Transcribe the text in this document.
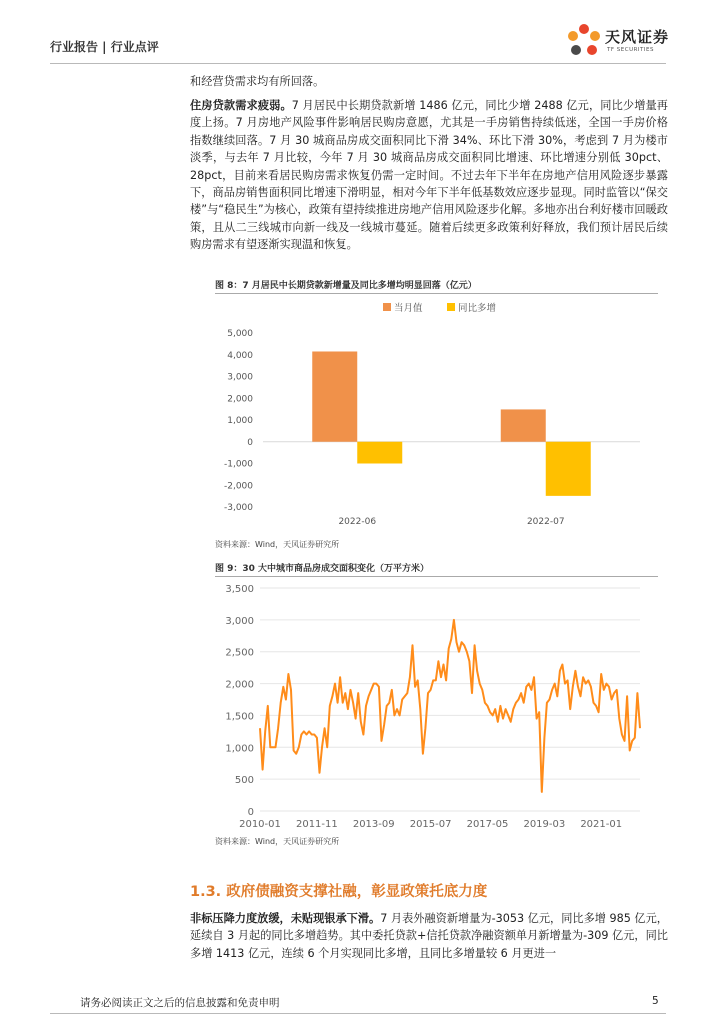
行业报告 | 行业点评
天风证券
TF SECURITIES
和经营贷需求均有所回落。
住房贷款需求疲弱。7 月居民中长期贷款新增 1486 亿元，同比少增 2488 亿元，同比少增量再度上扬。7 月房地产风险事件影响居民购房意愿，尤其是一手房销售持续低迷，全国一手房价格指数继续回落。7 月 30 城商品房成交面积同比下滑 34%、环比下滑 30%，考虑到 7 月为楼市淡季，与去年 7 月比较，今年 7 月 30 城商品房成交面积同比增速、环比增速分别低 30pct、28pct，目前来看居民购房需求恢复仍需一定时间。不过去年下半年在房地产信用风险逐步暴露下，商品房销售面积同比增速下滑明显，相对今年下半年低基数效应逐步显现。同时监管以“保交楼”与“稳民生”为核心，政策有望持续推进房地产信用风险逐步化解。多地亦出台利好楼市回暖政策，且从二三线城市向新一线及一线城市蔓延。随着后续更多政策利好释放，我们预计居民后续购房需求有望逐渐实现温和恢复。
图 8：7 月居民中长期贷款新增量及同比多增均明显回落（亿元）
当月值	同比多增
5,000
4,000
3,000
2,000
1,000
0
-1,000
-2,000
-3,000
2022-06	2022-07
资料来源：Wind，天风证券研究所
图 9：30 大中城市商品房成交面积变化（万平方米）
3,500
3,000
2,500
2,000
1,500
1,000
500
0
2010-01 2011-11 2013-09 2015-07 2017-05 2019-03 2021-01
资料来源：Wind，天风证券研究所
1.3. 政府债融资支撑社融，彰显政策托底力度
非标压降力度放缓，未贴现银承下滑。7 月表外融资新增量为-3053 亿元，同比多增 985 亿元，延续自 3 月起的同比多增趋势。其中委托贷款+信托贷款净融资额单月新增量为-309 亿元，同比多增 1413 亿元，连续 6 个月实现同比多增，且同比多增量较 6 月更进一
请务必阅读正文之后的信息披露和免责申明	5
